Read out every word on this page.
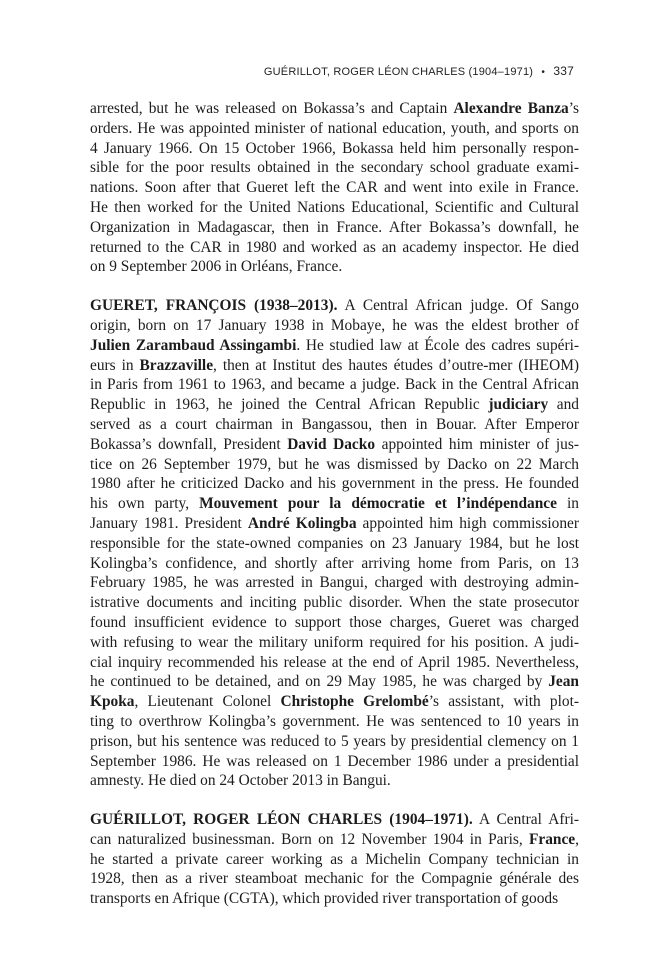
GUÉRILLOT, ROGER LÉON CHARLES (1904–1971) • 337
arrested, but he was released on Bokassa’s and Captain Alexandre Banza’s
orders. He was appointed minister of national education, youth, and sports on
4 January 1966. On 15 October 1966, Bokassa held him personally respon-
sible for the poor results obtained in the secondary school graduate exami-
nations. Soon after that Gueret left the CAR and went into exile in France.
He then worked for the United Nations Educational, Scientific and Cultural
Organization in Madagascar, then in France. After Bokassa’s downfall, he
returned to the CAR in 1980 and worked as an academy inspector. He died
on 9 September 2006 in Orléans, France.
GUERET, FRANÇOIS (1938–2013). A Central African judge. Of Sango
origin, born on 17 January 1938 in Mobaye, he was the eldest brother of
Julien Zarambaud Assingambi. He studied law at École des cadres supéri-
eurs in Brazzaville, then at Institut des hautes études d’outre-mer (IHEOM)
in Paris from 1961 to 1963, and became a judge. Back in the Central African
Republic in 1963, he joined the Central African Republic judiciary and
served as a court chairman in Bangassou, then in Bouar. After Emperor
Bokassa’s downfall, President David Dacko appointed him minister of jus-
tice on 26 September 1979, but he was dismissed by Dacko on 22 March
1980 after he criticized Dacko and his government in the press. He founded
his own party, Mouvement pour la démocratie et l’indépendance in
January 1981. President André Kolingba appointed him high commissioner
responsible for the state-owned companies on 23 January 1984, but he lost
Kolingba’s confidence, and shortly after arriving home from Paris, on 13
February 1985, he was arrested in Bangui, charged with destroying admin-
istrative documents and inciting public disorder. When the state prosecutor
found insufficient evidence to support those charges, Gueret was charged
with refusing to wear the military uniform required for his position. A judi-
cial inquiry recommended his release at the end of April 1985. Nevertheless,
he continued to be detained, and on 29 May 1985, he was charged by Jean
Kpoka, Lieutenant Colonel Christophe Grelombé’s assistant, with plot-
ting to overthrow Kolingba’s government. He was sentenced to 10 years in
prison, but his sentence was reduced to 5 years by presidential clemency on 1
September 1986. He was released on 1 December 1986 under a presidential
amnesty. He died on 24 October 2013 in Bangui.
GUÉRILLOT, ROGER LÉON CHARLES (1904–1971). A Central Afri-
can naturalized businessman. Born on 12 November 1904 in Paris, France,
he started a private career working as a Michelin Company technician in
1928, then as a river steamboat mechanic for the Compagnie générale des
transports en Afrique (CGTA), which provided river transportation of goods
